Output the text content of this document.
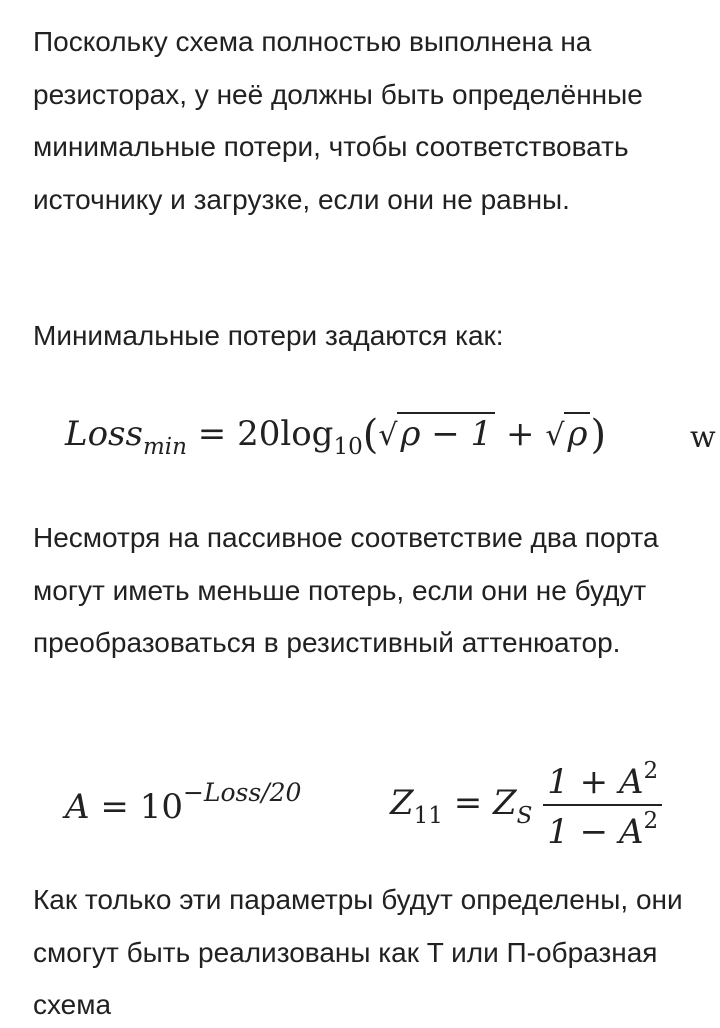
Поскольку схема полностью выполнена на резисторах, у неё должны быть определённые минимальные потери, чтобы соответствовать источнику и загрузке, если они не равны.

Минимальные потери задаются как:

Loss$_{min}$ = $20\log_{10}(√\rho - 1 + √\rho)$	w

Несмотря на пассивное соответствие два порта могут иметь меньше потерь, если они не будут преобразоваться в резистивный аттенюатор.

$A = 10^{-Loss/20}$	$Z_{11} = Z_S \frac{1 + A^2}{1 - A^2}$

Как только эти параметры будут определены, они смогут быть реализованы как T или П-образная схема
